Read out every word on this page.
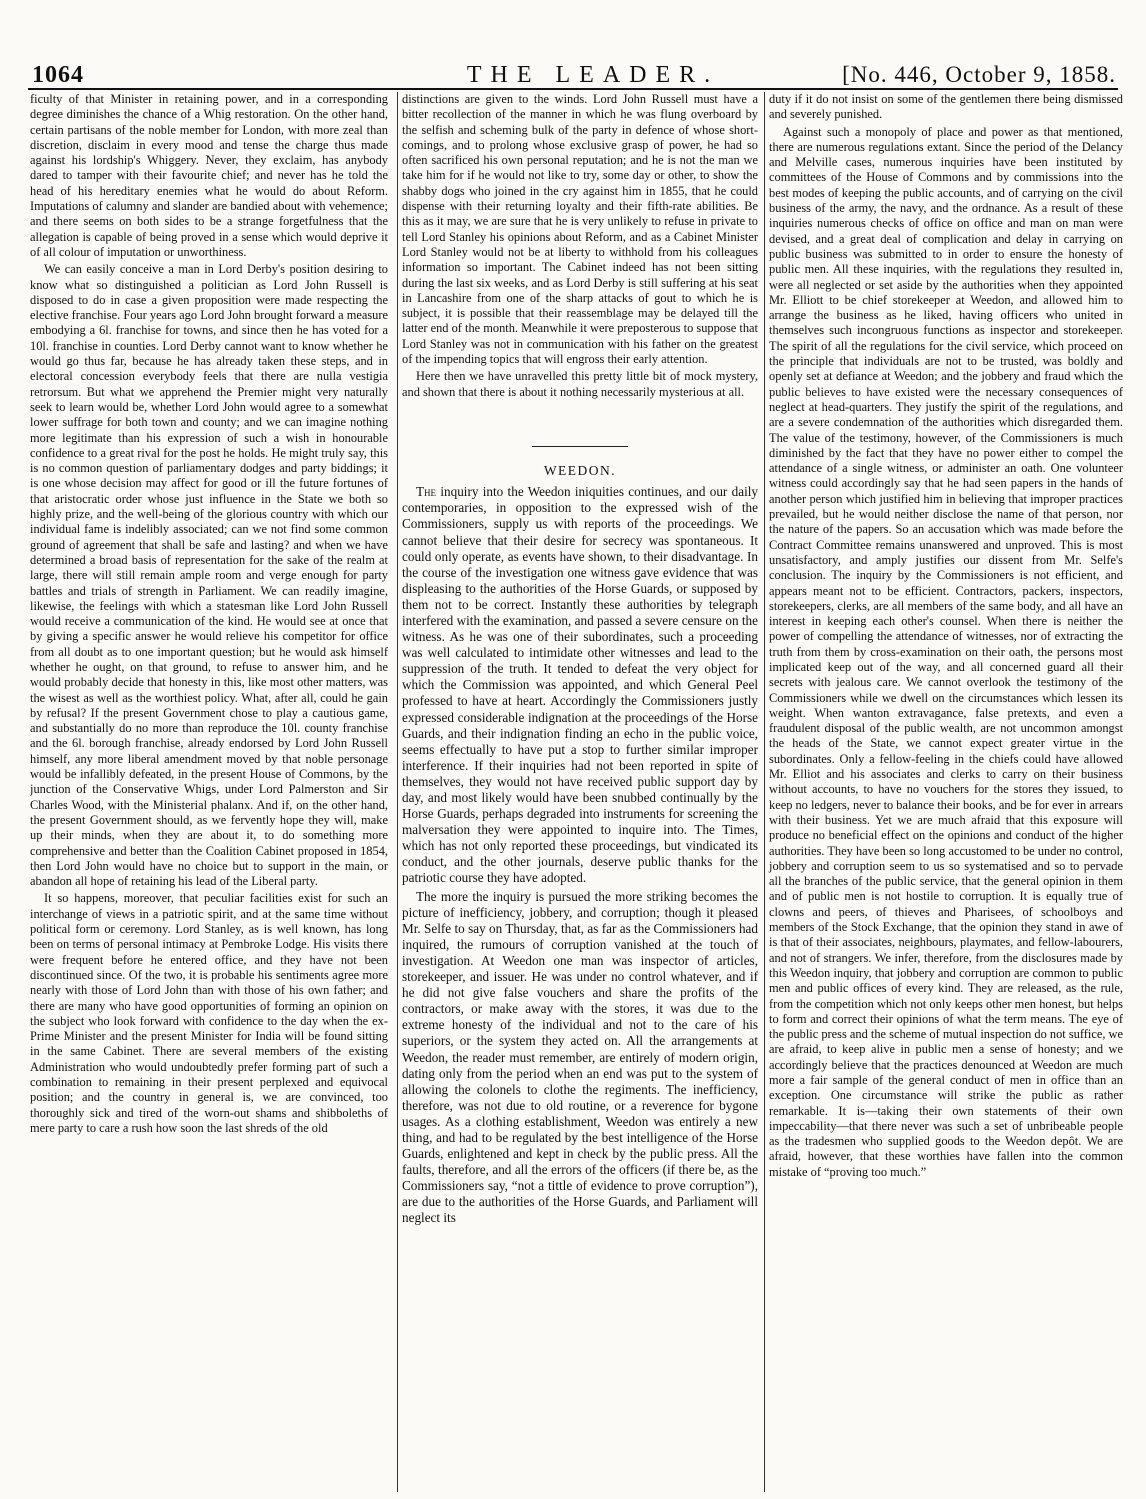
1064	THE LEADER.	[No. 446, October 9, 1858.

ficulty of that Minister in retaining power, and in a corresponding degree diminishes the chance of a Whig restoration. On the other hand, certain partisans of the noble member for London, with more zeal than discretion, disclaim in every mood and tense the charge thus made against his lordship's Whiggery. Never, they exclaim, has anybody dared to tamper with their favourite chief; and never has he told the head of his hereditary enemies what he would do about Reform. Imputations of calumny and slander are bandied about with vehemence; and there seems on both sides to be a strange forgetfulness that the allegation is capable of being proved in a sense which would deprive it of all colour of imputation or unworthiness.

We can easily conceive a man in Lord Derby's position desiring to know what so distinguished a politician as Lord John Russell is disposed to do in case a given proposition were made respecting the elective franchise. Four years ago Lord John brought forward a measure embodying a 6l. franchise for towns, and since then he has voted for a 10l. franchise in counties. Lord Derby cannot want to know whether he would go thus far, because he has already taken these steps, and in electoral concession everybody feels that there are nulla vestigia retrorsum. But what we apprehend the Premier might very naturally seek to learn would be, whether Lord John would agree to a somewhat lower suffrage for both town and county; and we can imagine nothing more legitimate than his expression of such a wish in honourable confidence to a great rival for the post he holds. He might truly say, this is no common question of parliamentary dodges and party biddings; it is one whose decision may affect for good or ill the future fortunes of that aristocratic order whose just influence in the State we both so highly prize, and the well-being of the glorious country with which our individual fame is indelibly associated; can we not find some common ground of agreement that shall be safe and lasting? and when we have determined a broad basis of representation for the sake of the realm at large, there will still remain ample room and verge enough for party battles and trials of strength in Parliament. We can readily imagine, likewise, the feelings with which a statesman like Lord John Russell would receive a communication of the kind. He would see at once that by giving a specific answer he would relieve his competitor for office from all doubt as to one important question; but he would ask himself whether he ought, on that ground, to refuse to answer him, and he would probably decide that honesty in this, like most other matters, was the wisest as well as the worthiest policy. What, after all, could he gain by refusal? If the present Government chose to play a cautious game, and substantially do no more than reproduce the 10l. county franchise and the 6l. borough franchise, already endorsed by Lord John Russell himself, any more liberal amendment moved by that noble personage would be infallibly defeated, in the present House of Commons, by the junction of the Conservative Whigs, under Lord Palmerston and Sir Charles Wood, with the Ministerial phalanx. And if, on the other hand, the present Government should, as we fervently hope they will, make up their minds, when they are about it, to do something more comprehensive and better than the Coalition Cabinet proposed in 1854, then Lord John would have no choice but to support in the main, or abandon all hope of retaining his lead of the Liberal party.

It so happens, moreover, that peculiar facilities exist for such an interchange of views in a patriotic spirit, and at the same time without political form or ceremony. Lord Stanley, as is well known, has long been on terms of personal intimacy at Pembroke Lodge. His visits there were frequent before he entered office, and they have not been discontinued since. Of the two, it is probable his sentiments agree more nearly with those of Lord John than with those of his own father; and there are many who have good opportunities of forming an opinion on the subject who look forward with confidence to the day when the ex-Prime Minister and the present Minister for India will be found sitting in the same Cabinet. There are several members of the existing Administration who would undoubtedly prefer forming part of such a combination to remaining in their present perplexed and equivocal position; and the country in general is, we are convinced, too thoroughly sick and tired of the worn-out shams and shibboleths of mere party to care a rush how soon the last shreds of the old

distinctions are given to the winds. Lord John Russell must have a bitter recollection of the manner in which he was flung overboard by the selfish and scheming bulk of the party in defence of whose short-comings, and to prolong whose exclusive grasp of power, he had so often sacrificed his own personal reputation; and he is not the man we take him for if he would not like to try, some day or other, to show the shabby dogs who joined in the cry against him in 1855, that he could dispense with their returning loyalty and their fifth-rate abilities. Be this as it may, we are sure that he is very unlikely to refuse in private to tell Lord Stanley his opinions about Reform, and as a Cabinet Minister Lord Stanley would not be at liberty to withhold from his colleagues information so important. The Cabinet indeed has not been sitting during the last six weeks, and as Lord Derby is still suffering at his seat in Lancashire from one of the sharp attacks of gout to which he is subject, it is possible that their reassemblage may be delayed till the latter end of the month. Meanwhile it were preposterous to suppose that Lord Stanley was not in communication with his father on the greatest of the impending topics that will engross their early attention.

Here then we have unravelled this pretty little bit of mock mystery, and shown that there is about it nothing necessarily mysterious at all.

WEEDON.

The inquiry into the Weedon iniquities continues, and our daily contemporaries, in opposition to the expressed wish of the Commissioners, supply us with reports of the proceedings. We cannot believe that their desire for secrecy was spontaneous. It could only operate, as events have shown, to their disadvantage. In the course of the investigation one witness gave evidence that was displeasing to the authorities of the Horse Guards, or supposed by them not to be correct. Instantly these authorities by telegraph interfered with the examination, and passed a severe censure on the witness. As he was one of their subordinates, such a proceeding was well calculated to intimidate other witnesses and lead to the suppression of the truth. It tended to defeat the very object for which the Commission was appointed, and which General Peel professed to have at heart. Accordingly the Commissioners justly expressed considerable indignation at the proceedings of the Horse Guards, and their indignation finding an echo in the public voice, seems effectually to have put a stop to further similar improper interference. If their inquiries had not been reported in spite of themselves, they would not have received public support day by day, and most likely would have been snubbed continually by the Horse Guards, perhaps degraded into instruments for screening the malversation they were appointed to inquire into. The Times, which has not only reported these proceedings, but vindicated its conduct, and the other journals, deserve public thanks for the patriotic course they have adopted.

The more the inquiry is pursued the more striking becomes the picture of inefficiency, jobbery, and corruption; though it pleased Mr. Selfe to say on Thursday, that, as far as the Commissioners had inquired, the rumours of corruption vanished at the touch of investigation. At Weedon one man was inspector of articles, storekeeper, and issuer. He was under no control whatever, and if he did not give false vouchers and share the profits of the contractors, or make away with the stores, it was due to the extreme honesty of the individual and not to the care of his superiors, or the system they acted on. All the arrangements at Weedon, the reader must remember, are entirely of modern origin, dating only from the period when an end was put to the system of allowing the colonels to clothe the regiments. The inefficiency, therefore, was not due to old routine, or a reverence for bygone usages. As a clothing establishment, Weedon was entirely a new thing, and had to be regulated by the best intelligence of the Horse Guards, enlightened and kept in check by the public press. All the faults, therefore, and all the errors of the officers (if there be, as the Commissioners say, “not a tittle of evidence to prove corruption”), are due to the authorities of the Horse Guards, and Parliament will neglect its

duty if it do not insist on some of the gentlemen there being dismissed and severely punished.

Against such a monopoly of place and power as that mentioned, there are numerous regulations extant. Since the period of the Delancy and Melville cases, numerous inquiries have been instituted by committees of the House of Commons and by commissions into the best modes of keeping the public accounts, and of carrying on the civil business of the army, the navy, and the ordnance. As a result of these inquiries numerous checks of office on office and man on man were devised, and a great deal of complication and delay in carrying on public business was submitted to in order to ensure the honesty of public men. All these inquiries, with the regulations they resulted in, were all neglected or set aside by the authorities when they appointed Mr. Elliott to be chief storekeeper at Weedon, and allowed him to arrange the business as he liked, having officers who united in themselves such incongruous functions as inspector and storekeeper. The spirit of all the regulations for the civil service, which proceed on the principle that individuals are not to be trusted, was boldly and openly set at defiance at Weedon; and the jobbery and fraud which the public believes to have existed were the necessary consequences of neglect at head-quarters. They justify the spirit of the regulations, and are a severe condemnation of the authorities which disregarded them. The value of the testimony, however, of the Commissioners is much diminished by the fact that they have no power either to compel the attendance of a single witness, or administer an oath. One volunteer witness could accordingly say that he had seen papers in the hands of another person which justified him in believing that improper practices prevailed, but he would neither disclose the name of that person, nor the nature of the papers. So an accusation which was made before the Contract Committee remains unanswered and unproved. This is most unsatisfactory, and amply justifies our dissent from Mr. Selfe's conclusion. The inquiry by the Commissioners is not efficient, and appears meant not to be efficient. Contractors, packers, inspectors, storekeepers, clerks, are all members of the same body, and all have an interest in keeping each other's counsel. When there is neither the power of compelling the attendance of witnesses, nor of extracting the truth from them by cross-examination on their oath, the persons most implicated keep out of the way, and all concerned guard all their secrets with jealous care. We cannot overlook the testimony of the Commissioners while we dwell on the circumstances which lessen its weight. When wanton extravagance, false pretexts, and even a fraudulent disposal of the public wealth, are not uncommon amongst the heads of the State, we cannot expect greater virtue in the subordinates. Only a fellow-feeling in the chiefs could have allowed Mr. Elliot and his associates and clerks to carry on their business without accounts, to have no vouchers for the stores they issued, to keep no ledgers, never to balance their books, and be for ever in arrears with their business. Yet we are much afraid that this exposure will produce no beneficial effect on the opinions and conduct of the higher authorities. They have been so long accustomed to be under no control, jobbery and corruption seem to us so systematised and so to pervade all the branches of the public service, that the general opinion in them and of public men is not hostile to corruption. It is equally true of clowns and peers, of thieves and Pharisees, of schoolboys and members of the Stock Exchange, that the opinion they stand in awe of is that of their associates, neighbours, playmates, and fellow-labourers, and not of strangers. We infer, therefore, from the disclosures made by this Weedon inquiry, that jobbery and corruption are common to public men and public offices of every kind. They are released, as the rule, from the competition which not only keeps other men honest, but helps to form and correct their opinions of what the term means. The eye of the public press and the scheme of mutual inspection do not suffice, we are afraid, to keep alive in public men a sense of honesty; and we accordingly believe that the practices denounced at Weedon are much more a fair sample of the general conduct of men in office than an exception. One circumstance will strike the public as rather remarkable. It is—taking their own statements of their own impeccability—that there never was such a set of unbribeable people as the tradesmen who supplied goods to the Weedon depôt. We are afraid, however, that these worthies have fallen into the common mistake of “proving too much.”
